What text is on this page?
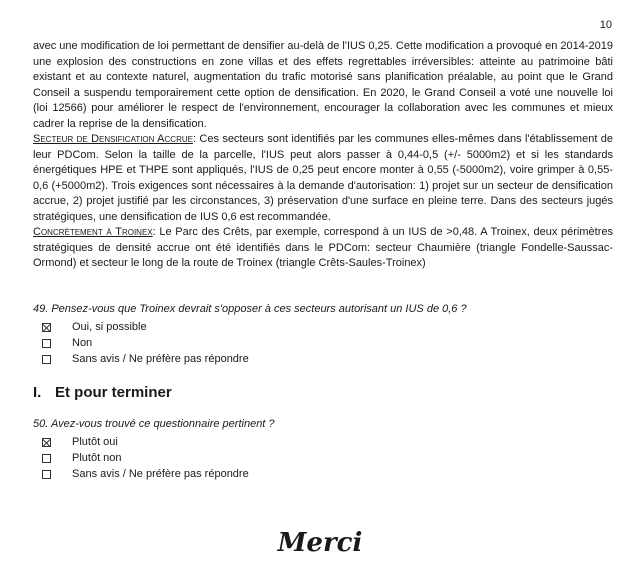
10

avec une modification de loi permettant de densifier au-delà de l'IUS 0,25. Cette modification a provoqué en 2014-2019 une explosion des constructions en zone villas et des effets regrettables irréversibles: atteinte au patrimoine bâti existant et au contexte naturel, augmentation du trafic motorisé sans planification préalable, au point que le Grand Conseil a suspendu temporairement cette option de densification. En 2020, le Grand Conseil a voté une nouvelle loi (loi 12566) pour améliorer le respect de l'environnement, encourager la collaboration avec les communes et mieux cadrer la reprise de la densification.

Secteur de Densification Accrue: Ces secteurs sont identifiés par les communes elles-mêmes dans l'établissement de leur PDCom. Selon la taille de la parcelle, l'IUS peut alors passer à 0,44-0,5 (+/- 5000m2) et si les standards énergétiques HPE et THPE sont appliqués, l'IUS de 0,25 peut encore monter à 0,55 (-5000m2), voire grimper à 0,55-0,6 (+5000m2). Trois exigences sont nécessaires à la demande d'autorisation: 1) projet sur un secteur de densification accrue, 2) projet justifié par les circonstances, 3) préservation d'une surface en pleine terre. Dans des secteurs jugés stratégiques, une densification de IUS 0,6 est recommandée.

Concrètement à Troinex: Le Parc des Crêts, par exemple, correspond à un IUS de >0,48. A Troinex, deux périmètres stratégiques de densité accrue ont été identifiés dans le PDCom: secteur Chaumière (triangle Fondelle-Saussac-Ormond) et secteur le long de la route de Troinex (triangle Crêts-Saules-Troinex)

49. Pensez-vous que Troinex devrait s'opposer à ces secteurs autorisant un IUS de 0,6 ?

Oui, si possible
Non
Sans avis / Ne préfère pas répondre
I. Et pour terminer

50. Avez-vous trouvé ce questionnaire pertinent ?

Plutôt oui
Plutôt non
Sans avis / Ne préfère pas répondre

Merci
